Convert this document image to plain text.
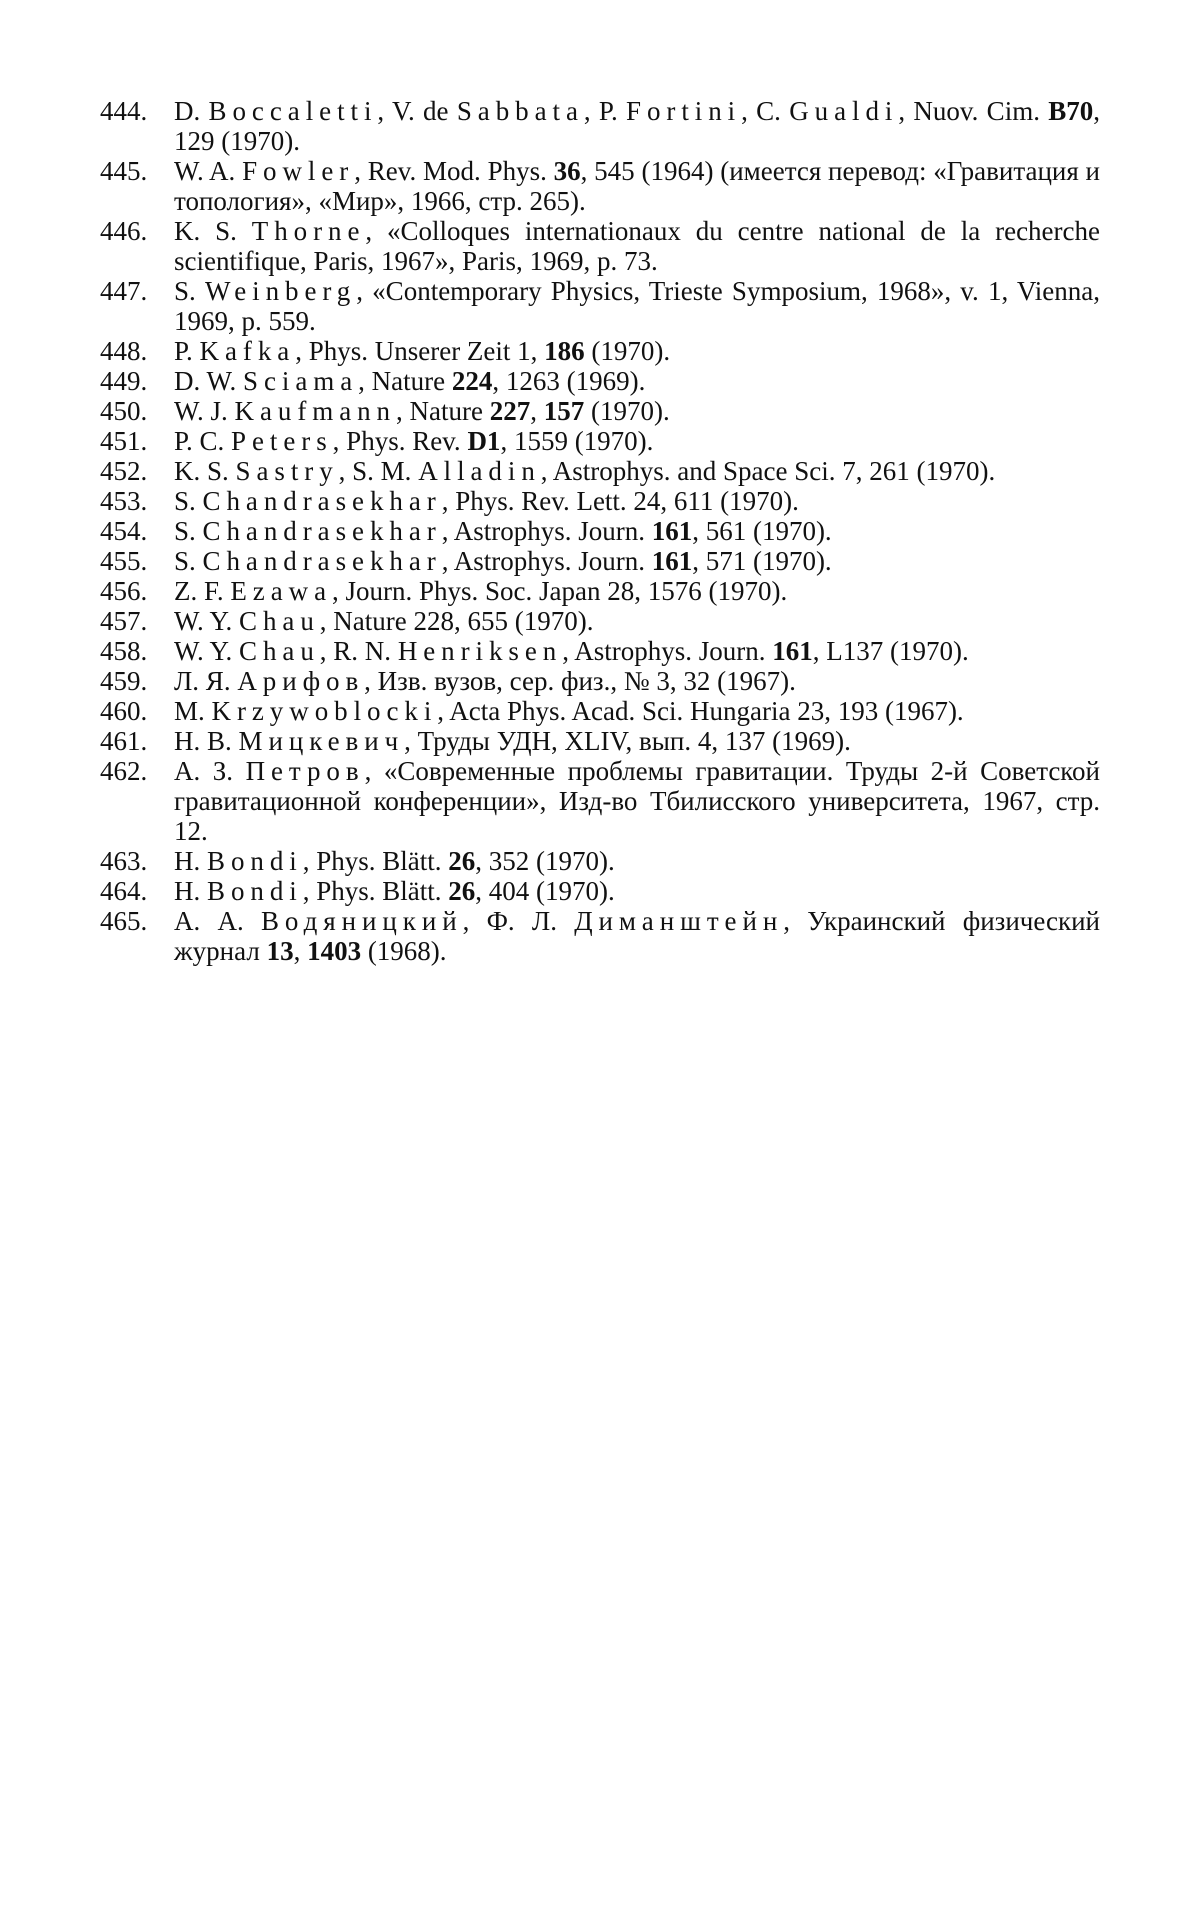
444. D. Boccaletti, V. de Sabbata, P. Fortini, C. Gualdi, Nuov. Cim. B70, 129 (1970).
445. W. A. Fowler, Rev. Mod. Phys. 36, 545 (1964) (имеется перевод: «Гравитация и топология», «Мир», 1966, стр. 265).
446. K. S. Thorne, «Colloques internationaux du centre national de la recherche scientifique, Paris, 1967», Paris, 1969, p. 73.
447. S. Weinberg, «Contemporary Physics, Trieste Symposium, 1968», v. 1, Vienna, 1969, p. 559.
448. P. Kafka, Phys. Unserer Zeit 1, 186 (1970).
449. D. W. Sciama, Nature 224, 1263 (1969).
450. W. J. Kaufmann, Nature 227, 157 (1970).
451. P. C. Peters, Phys. Rev. D1, 1559 (1970).
452. K. S. Sastry, S. M. Alladin, Astrophys. and Space Sci. 7, 261 (1970).
453. S. Chandrasekhar, Phys. Rev. Lett. 24, 611 (1970).
454. S. Chandrasekhar, Astrophys. Journ. 161, 561 (1970).
455. S. Chandrasekhar, Astrophys. Journ. 161, 571 (1970).
456. Z. F. Ezawa, Journ. Phys. Soc. Japan 28, 1576 (1970).
457. W. Y. Chau, Nature 228, 655 (1970).
458. W. Y. Chau, R. N. Henriksen, Astrophys. Journ. 161, L137 (1970).
459. Л. Я. Арифов, Изв. вузов, сер. физ., № 3, 32 (1967).
460. M. Krzywoblocki, Acta Phys. Acad. Sci. Hungaria 23, 193 (1967).
461. Н. В. Мицкевич, Труды УДН, XLIV, вып. 4, 137 (1969).
462. А. З. Петров, «Современные проблемы гравитации. Труды 2-й Советской гравитационной конференции», Изд-во Тбилисского университета, 1967, стр. 12.
463. H. Bondi, Phys. Blätt. 26, 352 (1970).
464. H. Bondi, Phys. Blätt. 26, 404 (1970).
465. А. А. Водяницкий, Ф. Л. Диманштейн, Украинский физический журнал 13, 1403 (1968).
